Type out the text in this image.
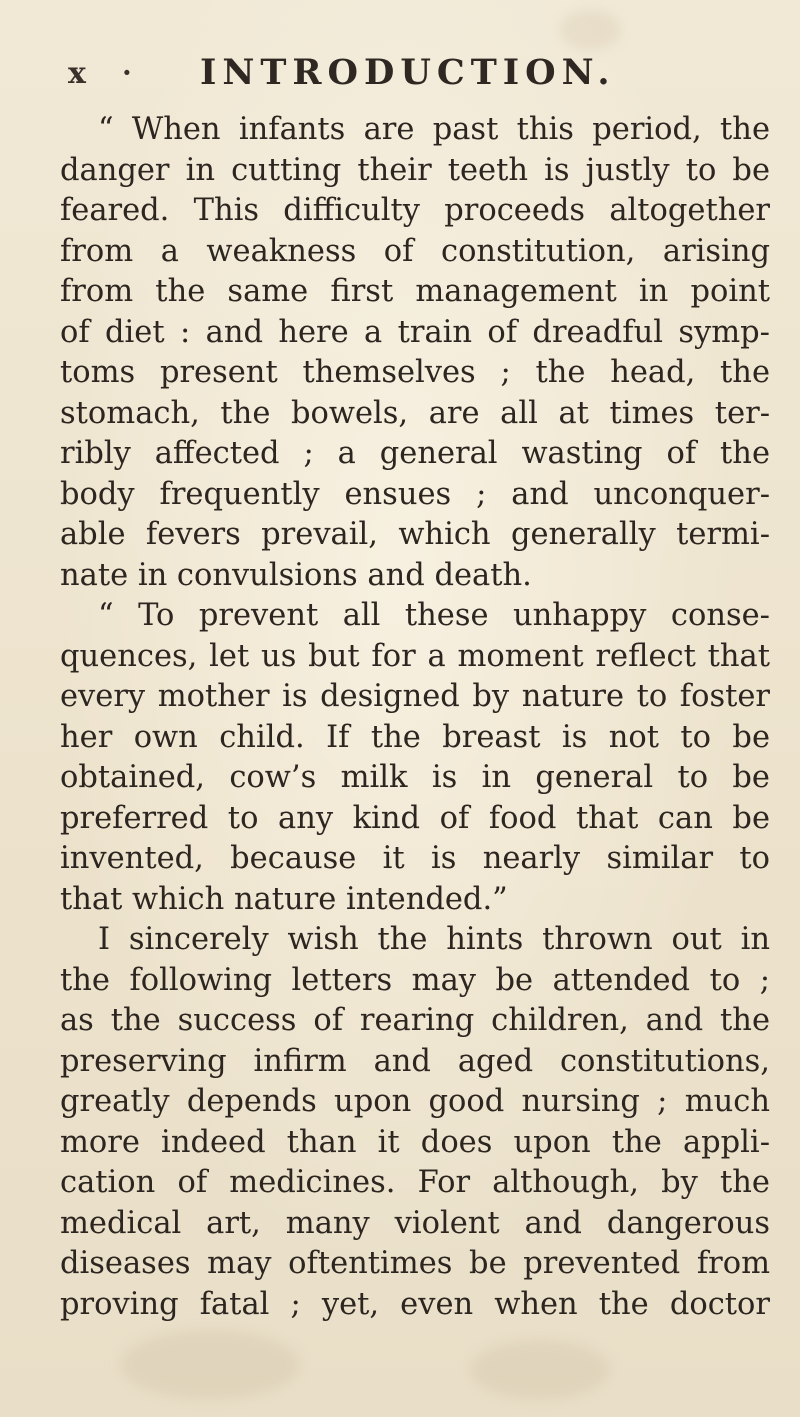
x · INTRODUCTION.
“ When infants are past this period, the
danger in cutting their teeth is justly to be
feared. This difficulty proceeds altogether
from a weakness of constitution, arising
from the same first management in point
of diet : and here a train of dreadful symp-
toms present themselves ; the head, the
stomach, the bowels, are all at times ter-
ribly affected ; a general wasting of the
body frequently ensues ; and unconquer-
able fevers prevail, which generally termi-
nate in convulsions and death.
“ To prevent all these unhappy conse-
quences, let us but for a moment reflect that
every mother is designed by nature to foster
her own child. If the breast is not to be
obtained, cow’s milk is in general to be
preferred to any kind of food that can be
invented, because it is nearly similar to
that which nature intended.”
I sincerely wish the hints thrown out in
the following letters may be attended to ;
as the success of rearing children, and the
preserving infirm and aged constitutions,
greatly depends upon good nursing ; much
more indeed than it does upon the appli-
cation of medicines. For although, by the
medical art, many violent and dangerous
diseases may oftentimes be prevented from
proving fatal ; yet, even when the doctor
